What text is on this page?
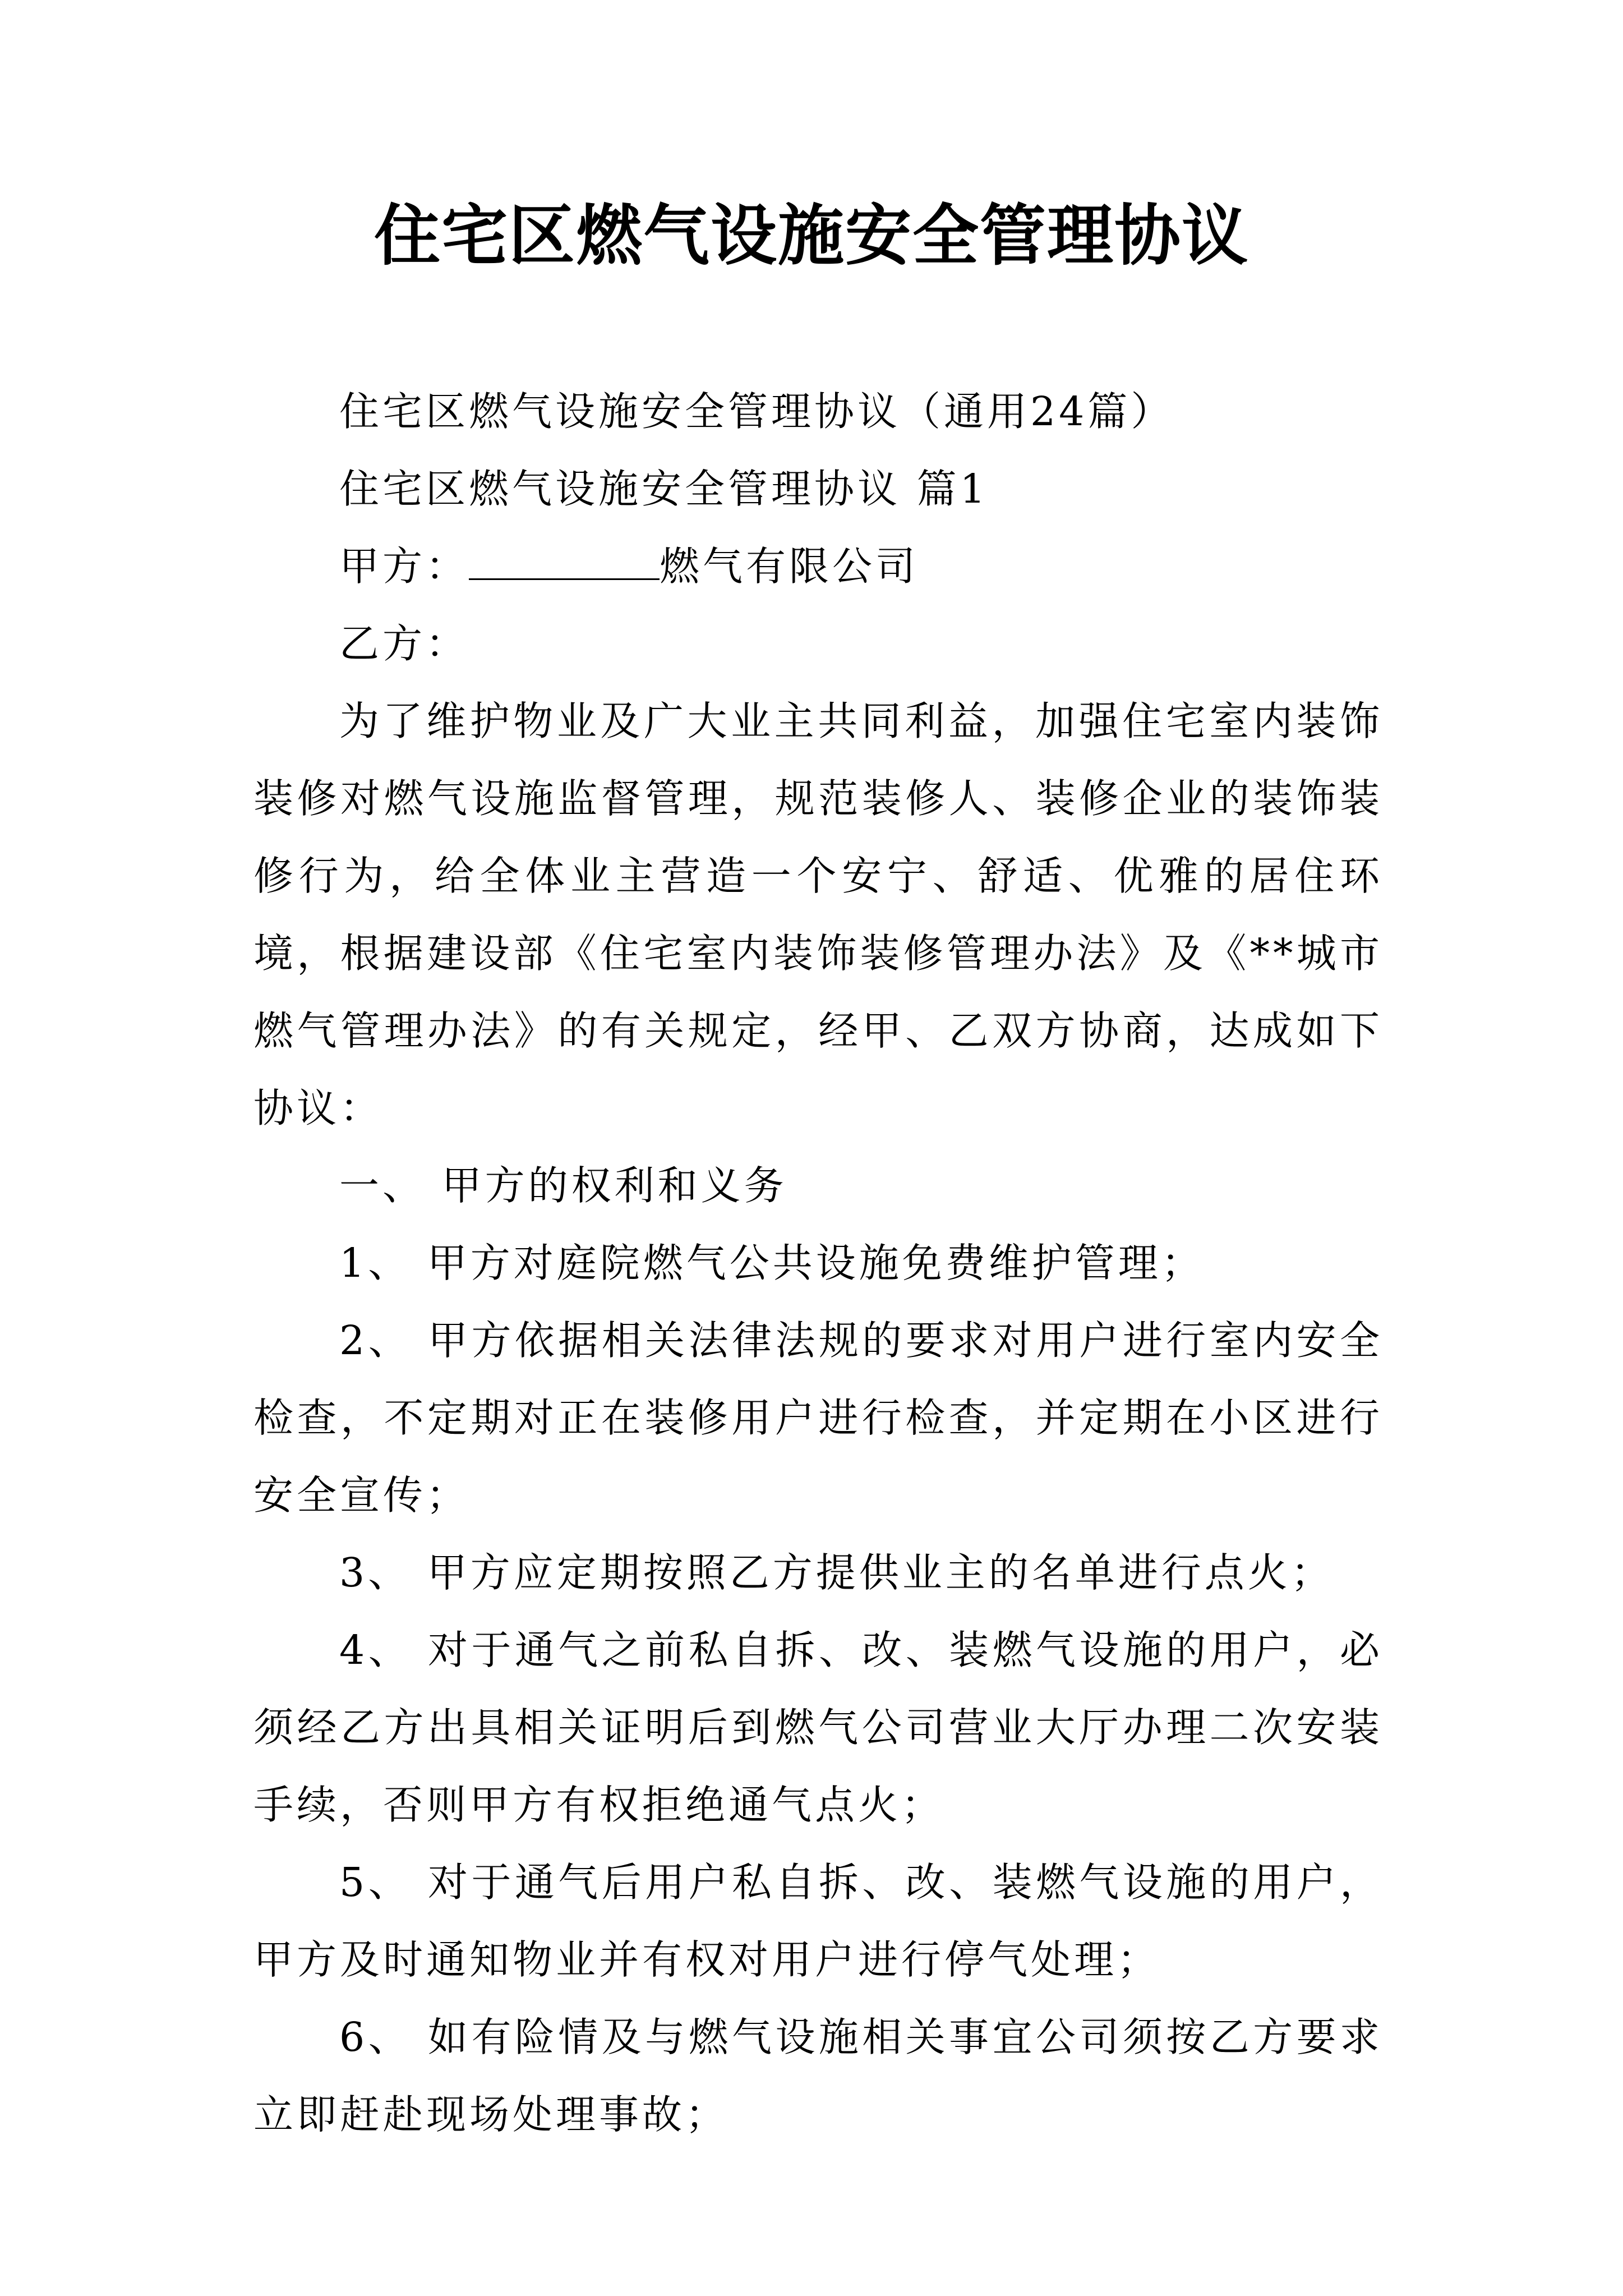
住宅区燃气设施安全管理协议

住宅区燃气设施安全管理协议（通用24篇）

住宅区燃气设施安全管理协议 篇1

甲方：	燃气有限公司

乙方：

为了维护物业及广大业主共同利益，加强住宅室内装饰装修对燃气设施监督管理，规范装修人、装修企业的装饰装修行为，给全体业主营造一个安宁、舒适、优雅的居住环境，根据建设部《住宅室内装饰装修管理办法》及《**城市燃气管理办法》的有关规定，经甲、乙双方协商，达成如下协议：

一、 甲方的权利和义务

1、 甲方对庭院燃气公共设施免费维护管理；

2、 甲方依据相关法律法规的要求对用户进行室内安全检查，不定期对正在装修用户进行检查，并定期在小区进行安全宣传；

3、 甲方应定期按照乙方提供业主的名单进行点火；

4、 对于通气之前私自拆、改、装燃气设施的用户，必须经乙方出具相关证明后到燃气公司营业大厅办理二次安装手续，否则甲方有权拒绝通气点火；

5、 对于通气后用户私自拆、改、装燃气设施的用户，甲方及时通知物业并有权对用户进行停气处理；

6、 如有险情及与燃气设施相关事宜公司须按乙方要求立即赶赴现场处理事故；
